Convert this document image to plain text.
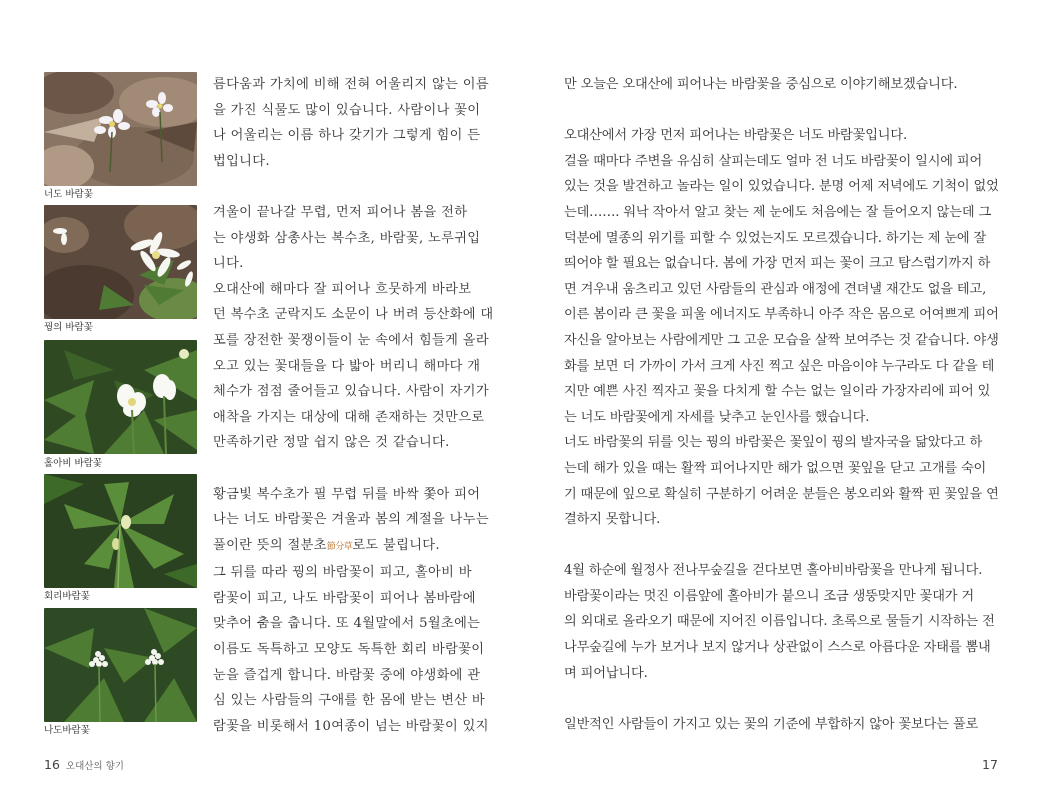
너도 바람꽃
꿩의 바람꽃
홀아비 바람꽃
회리바람꽃
나도바람꽃

름다움과 가치에 비해 전혀 어울리지 않는 이름

을 가진 식물도 많이 있습니다. 사람이나 꽃이

나 어울리는 이름 하나 갖기가 그렇게 힘이 든

법입니다.

겨울이 끝나갈 무렵, 먼저 피어나 봄을 전하

는 야생화 삼총사는 복수초, 바람꽃, 노루귀입

니다.

오대산에 해마다 잘 피어나 흐뭇하게 바라보

던 복수초 군락지도 소문이 나 버려 등산화에 대

포를 장전한 꽃쟁이들이 눈 속에서 힘들게 올라

오고 있는 꽃대들을 다 밟아 버리니 해마다 개

체수가 점점 줄어들고 있습니다. 사람이 자기가

애착을 가지는 대상에 대해 존재하는 것만으로

만족하기란 정말 쉽지 않은 것 같습니다.

황금빛 복수초가 필 무렵 뒤를 바싹 쫓아 피어

나는 너도 바람꽃은 겨울과 봄의 계절을 나누는

풀이란 뜻의 절분초節分草로도 불립니다.

그 뒤를 따라 꿩의 바람꽃이 피고, 홀아비 바

람꽃이 피고, 나도 바람꽃이 피어나 봄바람에

맞추어 춤을 춥니다. 또 4월말에서 5월초에는

이름도 독특하고 모양도 독특한 회리 바람꽃이

눈을 즐겁게 합니다. 바람꽃 중에 야생화에 관

심 있는 사람들의 구애를 한 몸에 받는 변산 바

람꽃을 비롯해서 10여종이 넘는 바람꽃이 있지

만 오늘은 오대산에 피어나는 바람꽃을 중심으로 이야기해보겠습니다.

오대산에서 가장 먼저 피어나는 바람꽃은 너도 바람꽃입니다.

걸을 때마다 주변을 유심히 살피는데도 얼마 전 너도 바람꽃이 일시에 피어

있는 것을 발견하고 놀라는 일이 있었습니다. 분명 어제 저녁에도 기척이 없었

는데……. 워낙 작아서 알고 찾는 제 눈에도 처음에는 잘 들어오지 않는데 그

덕분에 멸종의 위기를 피할 수 있었는지도 모르겠습니다. 하기는 제 눈에 잘

띄어야 할 필요는 없습니다. 봄에 가장 먼저 피는 꽃이 크고 탐스럽기까지 하

면 겨우내 움츠리고 있던 사람들의 관심과 애정에 견뎌낼 재간도 없을 테고,

이른 봄이라 큰 꽃을 피울 에너지도 부족하니 아주 작은 몸으로 어여쁘게 피어

자신을 알아보는 사람에게만 그 고운 모습을 살짝 보여주는 것 같습니다. 야생

화를 보면 더 가까이 가서 크게 사진 찍고 싶은 마음이야 누구라도 다 같을 테

지만 예쁜 사진 찍자고 꽃을 다치게 할 수는 없는 일이라 가장자리에 피어 있

는 너도 바람꽃에게 자세를 낮추고 눈인사를 했습니다.

너도 바람꽃의 뒤를 잇는 꿩의 바람꽃은 꽃잎이 꿩의 발자국을 닮았다고 하

는데 해가 있을 때는 활짝 피어나지만 해가 없으면 꽃잎을 닫고 고개를 숙이

기 때문에 잎으로 확실히 구분하기 어려운 분들은 봉오리와 활짝 핀 꽃잎을 연

결하지 못합니다.

4월 하순에 월정사 전나무숲길을 걷다보면 홀아비바람꽃을 만나게 됩니다.

바람꽃이라는 멋진 이름앞에 홀아비가 붙으니 조금 생뚱맞지만 꽃대가 거

의 외대로 올라오기 때문에 지어진 이름입니다. 초록으로 물들기 시작하는 전

나무숲길에 누가 보거나 보지 않거나 상관없이 스스로 아름다운 자태를 뽐내

며 피어납니다.

일반적인 사람들이 가지고 있는 꽃의 기준에 부합하지 않아 꽃보다는 풀로

16 오대산의 향기	17
